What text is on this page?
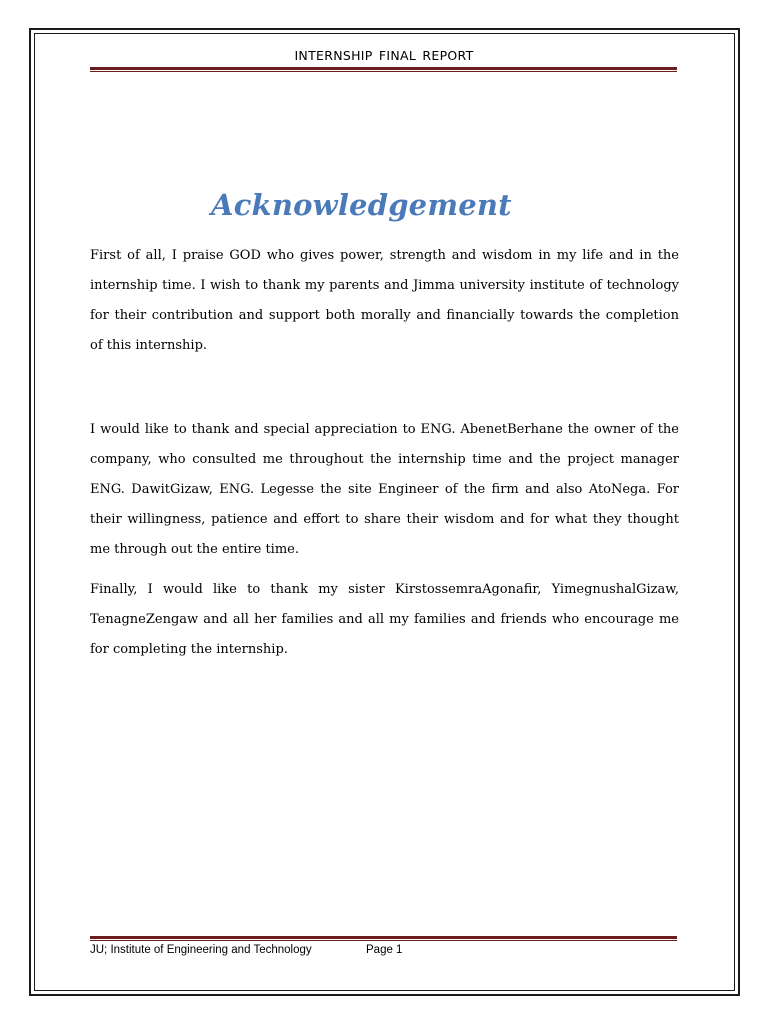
INTERNSHIP FINAL REPORT
Acknowledgement

First of all, I praise GOD who gives power, strength and wisdom in my life and in the internship time. I wish to thank my parents and Jimma university institute of technology for their contribution and support both morally and financially towards the completion of this internship.

I would like to thank and special appreciation to ENG. AbenetBerhane the owner of the company, who consulted me throughout the internship time and the project manager ENG. DawitGizaw, ENG. Legesse the site Engineer of the firm and also AtoNega. For their willingness, patience and effort to share their wisdom and for what they thought me through out the entire time.

Finally, I would like to thank my sister KirstossemraAgonafir, YimegnushalGizaw, TenagneZengaw and all her families and all my families and friends who encourage me for completing the internship.

JU; Institute of Engineering and Technology	Page 1
